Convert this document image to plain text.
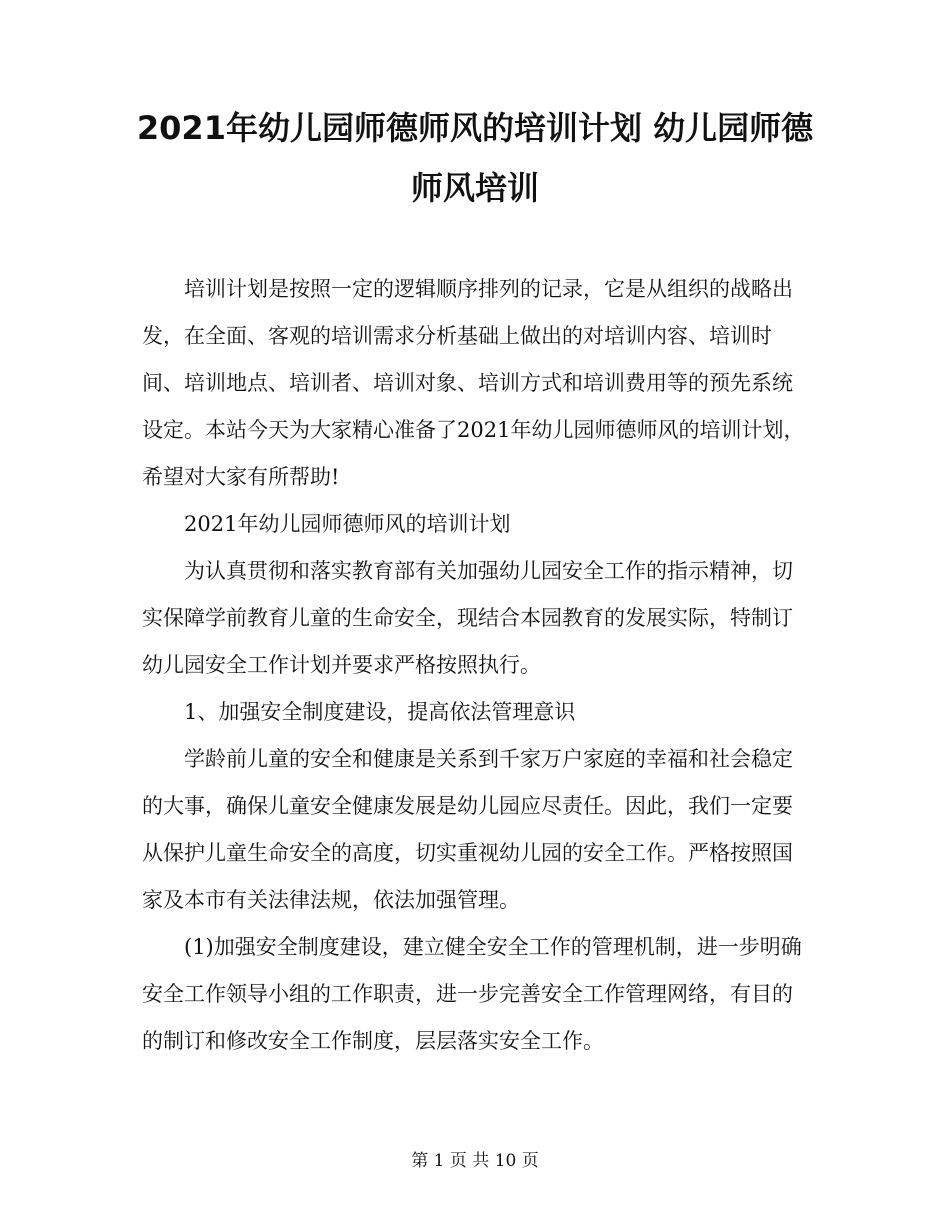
2021年幼儿园师德师风的培训计划 幼儿园师德师风培训

培训计划是按照一定的逻辑顺序排列的记录，它是从组织的战略出发，在全面、客观的培训需求分析基础上做出的对培训内容、培训时间、培训地点、培训者、培训对象、培训方式和培训费用等的预先系统设定。本站今天为大家精心准备了2021年幼儿园师德师风的培训计划，希望对大家有所帮助!

2021年幼儿园师德师风的培训计划

为认真贯彻和落实教育部有关加强幼儿园安全工作的指示精神，切实保障学前教育儿童的生命安全，现结合本园教育的发展实际，特制订幼儿园安全工作计划并要求严格按照执行。

1、加强安全制度建设，提高依法管理意识

学龄前儿童的安全和健康是关系到千家万户家庭的幸福和社会稳定的大事，确保儿童安全健康发展是幼儿园应尽责任。因此，我们一定要从保护儿童生命安全的高度，切实重视幼儿园的安全工作。严格按照国家及本市有关法律法规，依法加强管理。

(1)加强安全制度建设，建立健全安全工作的管理机制，进一步明确安全工作领导小组的工作职责，进一步完善安全工作管理网络，有目的的制订和修改安全工作制度，层层落实安全工作。

第 1 页 共 10 页
